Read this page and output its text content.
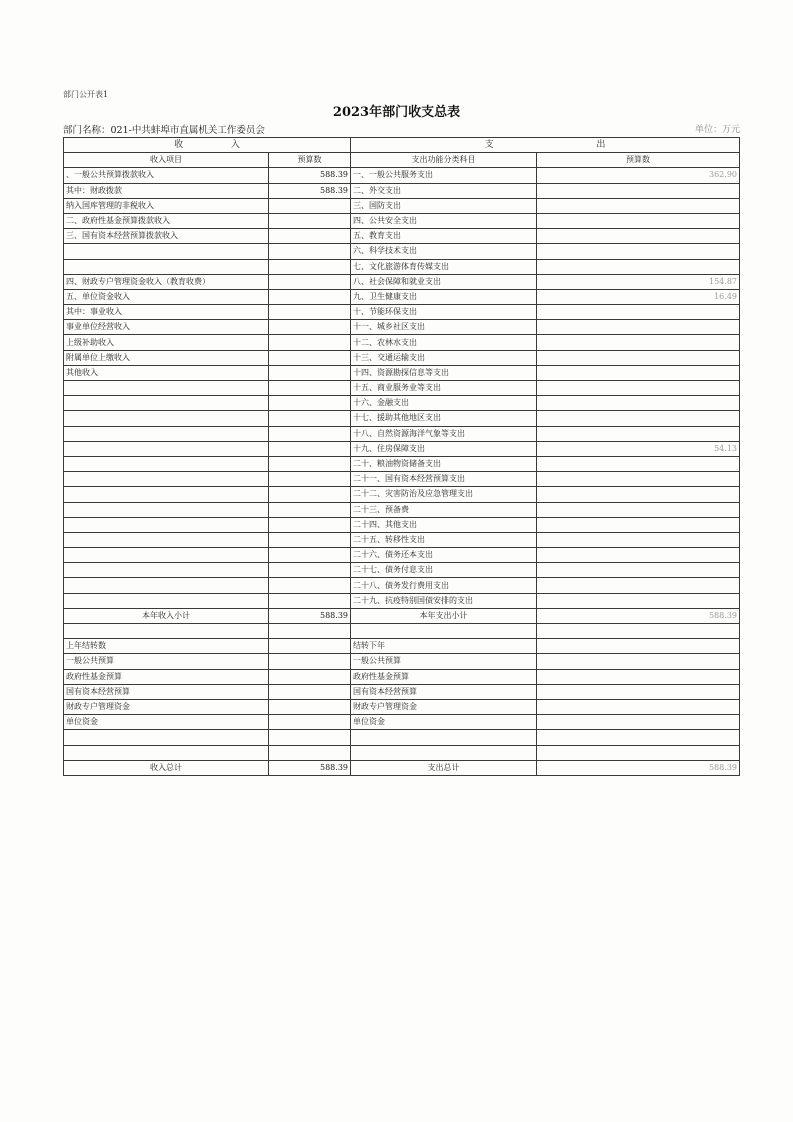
部门公开表1
2023年部门收支总表
部门名称：021-中共蚌埠市直属机关工作委员会	单位：万元
收 入		支 出	
收入项目	预算数	支出功能分类科目	预算数
、一般公共预算拨款收入	588.39	一、一般公共服务支出	362.90
其中：财政拨款	588.39	二、外交支出	
纳入国库管理的非税收入		三、国防支出	
二、政府性基金预算拨款收入		四、公共安全支出	
三、国有资本经营预算拨款收入		五、教育支出	
		六、科学技术支出	
		七、文化旅游体育传媒支出	
四、财政专户管理资金收入（教育收费）		八、社会保障和就业支出	154.87
五、单位资金收入		九、卫生健康支出	16.49
其中：事业收入		十、节能环保支出	
事业单位经营收入		十一、城乡社区支出	
上级补助收入		十二、农林水支出	
附属单位上缴收入		十三、交通运输支出	
其他收入		十四、资源勘探信息等支出	
		十五、商业服务业等支出	
		十六、金融支出	
		十七、援助其他地区支出	
		十八、自然资源海洋气象等支出	
		十九、住房保障支出	54.13
		二十、粮油物资储备支出	
		二十一、国有资本经营预算支出	
		二十二、灾害防治及应急管理支出	
		二十三、预备费	
		二十四、其他支出	
		二十五、转移性支出	
		二十六、债务还本支出	
		二十七、债务付息支出	
		二十八、债务发行费用支出	
		二十九、抗疫特别国债安排的支出	
本年收入小计	588.39	本年支出小计	588.39

上年结转数		结转下年	
一般公共预算		一般公共预算	
政府性基金预算		政府性基金预算	
国有资本经营预算		国有资本经营预算	
财政专户管理资金		财政专户管理资金	
单位资金		单位资金	

收入总计	588.39	支出总计	588.39
